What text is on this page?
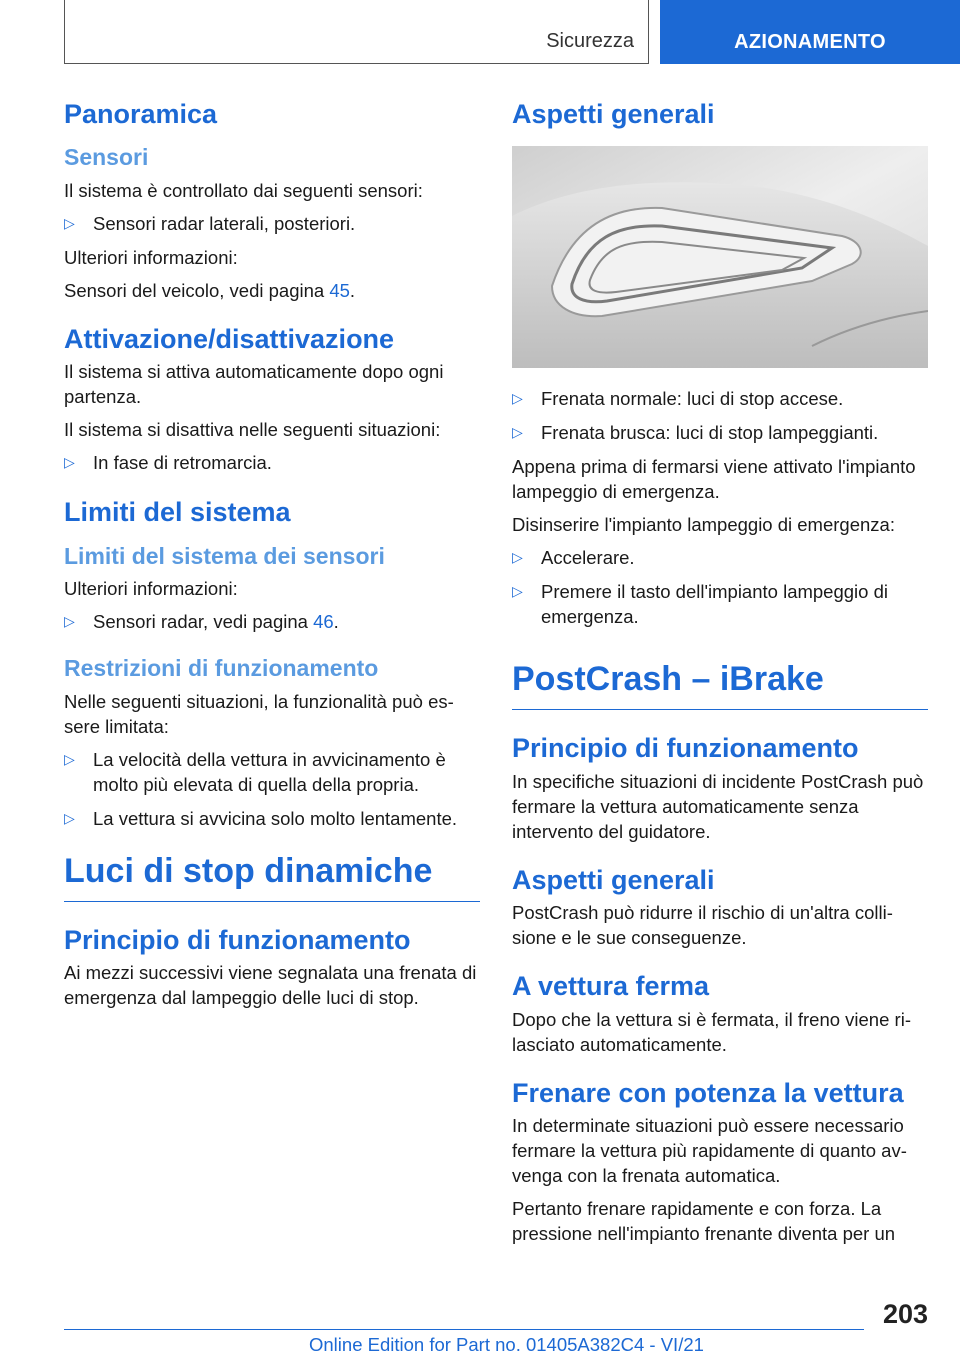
Sicurezza	AZIONAMENTO
Panoramica
Sensori

Il sistema è controllato dai seguenti sensori:

▷ Sensori radar laterali, posteriori.

Ulteriori informazioni:

Sensori del veicolo, vedi pagina 45.

Attivazione/disattivazione

Il sistema si attiva automaticamente dopo ogni partenza.

Il sistema si disattiva nelle seguenti situazioni:

▷ In fase di retromarcia.
Limiti del sistema
Limiti del sistema dei sensori

Ulteriori informazioni:

▷ Sensori radar, vedi pagina 46.
Restrizioni di funzionamento

Nelle seguenti situazioni, la funzionalità può essere limitata:

▷ La velocità della vettura in avvicinamento è molto più elevata di quella della propria.
▷ La vettura si avvicina solo molto lentamente.
Luci di stop dinamiche
Principio di funzionamento

Ai mezzi successivi viene segnalata una frenata di emergenza dal lampeggio delle luci di stop.

Aspetti generali
▷ Frenata normale: luci di stop accese.
▷ Frenata brusca: luci di stop lampeggianti.

Appena prima di fermarsi viene attivato l'impianto lampeggio di emergenza.

Disinserire l'impianto lampeggio di emergenza:

▷ Accelerare.
▷ Premere il tasto dell'impianto lampeggio di emergenza.
PostCrash – iBrake
Principio di funzionamento

In specifiche situazioni di incidente PostCrash può fermare la vettura automaticamente senza intervento del guidatore.

Aspetti generali

PostCrash può ridurre il rischio di un'altra collisione e le sue conseguenze.

A vettura ferma

Dopo che la vettura si è fermata, il freno viene rilasciato automaticamente.

Frenare con potenza la vettura

In determinate situazioni può essere necessario fermare la vettura più rapidamente di quanto avvenga con la frenata automatica.

Pertanto frenare rapidamente e con forza. La pressione nell'impianto frenante diventa per un

203
Online Edition for Part no. 01405A382C4 - VI/21
